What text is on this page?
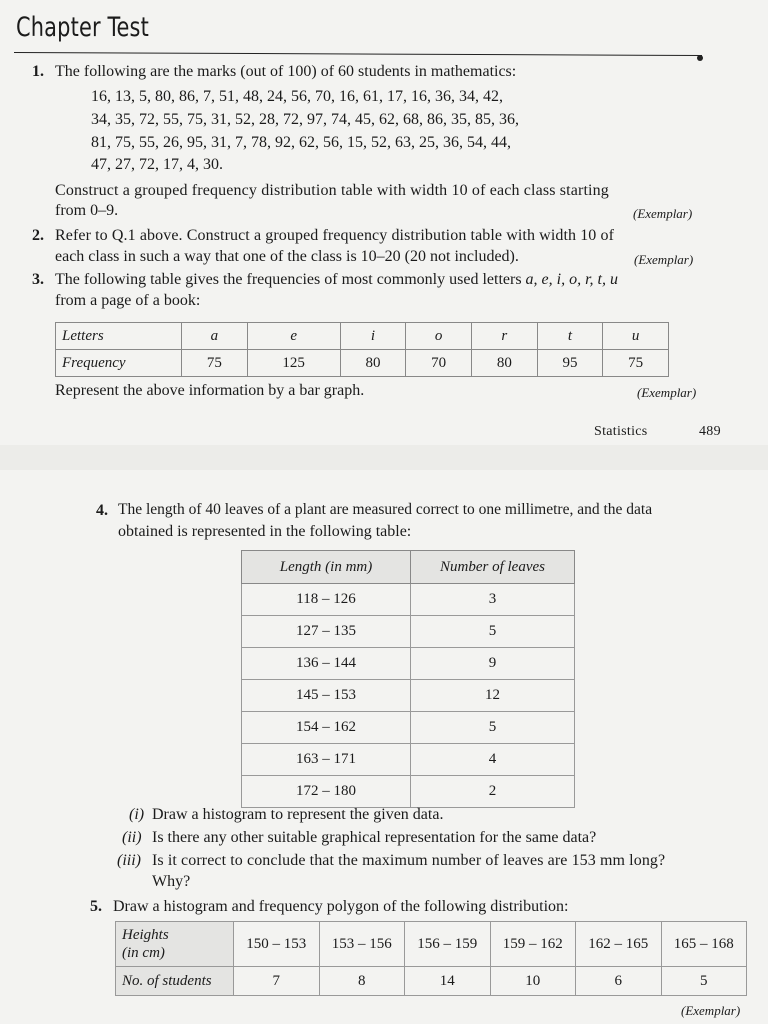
Chapter Test
1. The following are the marks (out of 100) of 60 students in mathematics:
16, 13, 5, 80, 86, 7, 51, 48, 24, 56, 70, 16, 61, 17, 16, 36, 34, 42,
34, 35, 72, 55, 75, 31, 52, 28, 72, 97, 74, 45, 62, 68, 86, 35, 85, 36,
81, 75, 55, 26, 95, 31, 7, 78, 92, 62, 56, 15, 52, 63, 25, 36, 54, 44,
47, 27, 72, 17, 4, 30.
Construct a grouped frequency distribution table with width 10 of each class starting
from 0–9.	(Exemplar)
2. Refer to Q.1 above. Construct a grouped frequency distribution table with width 10 of
each class in such a way that one of the class is 10–20 (20 not included).	(Exemplar)
3. The following table gives the frequencies of most commonly used letters a, e, i, o, r, t, u
from a page of a book:
Letters	a	e	i	o	r	t	u
Frequency	75	125	80	70	80	95	75
Represent the above information by a bar graph.	(Exemplar)
Statistics	489
4. The length of 40 leaves of a plant are measured correct to one millimetre, and the data
obtained is represented in the following table:
Length (in mm)	Number of leaves
118 – 126	3
127 – 135	5
136 – 144	9
145 – 153	12
154 – 162	5
163 – 171	4
172 – 180	2
(i) Draw a histogram to represent the given data.
(ii) Is there any other suitable graphical representation for the same data?
(iii) Is it correct to conclude that the maximum number of leaves are 153 mm long?
Why?
5. Draw a histogram and frequency polygon of the following distribution:
Heights
(in cm)	150 – 153	153 – 156	156 – 159	159 – 162	162 – 165	165 – 168
No. of students	7	8	14	10	6	5
(Exemplar)
